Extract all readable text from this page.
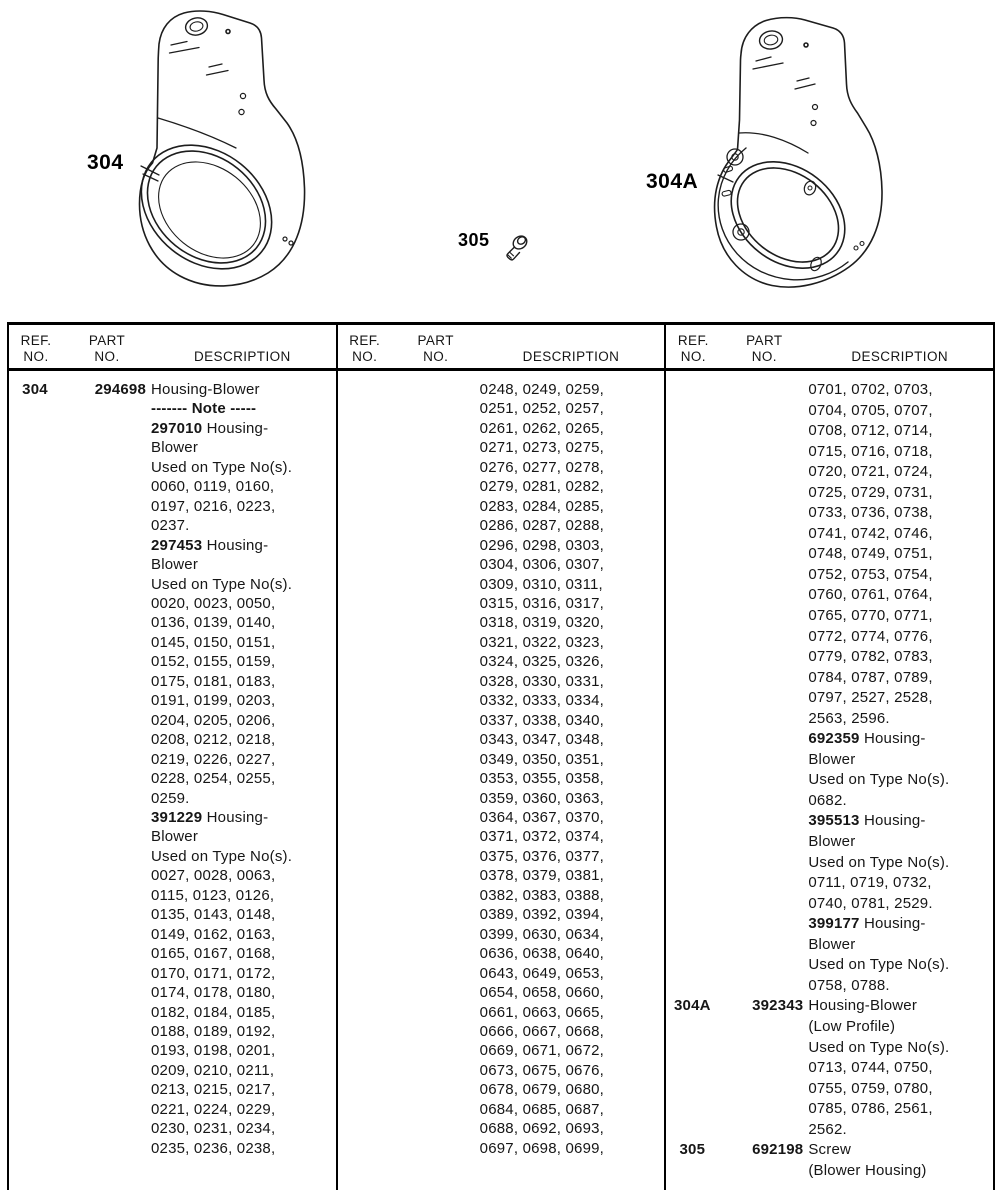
304
304A
305
REF.
NO.
PART
NO.	DESCRIPTION
304	294698 Housing-Blower
------- Note -----
297010 Housing-
Blower
Used on Type No(s).
0060, 0119, 0160,
0197, 0216, 0223,
0237.
297453 Housing-
Blower
Used on Type No(s).
0020, 0023, 0050,
0136, 0139, 0140,
0145, 0150, 0151,
0152, 0155, 0159,
0175, 0181, 0183,
0191, 0199, 0203,
0204, 0205, 0206,
0208, 0212, 0218,
0219, 0226, 0227,
0228, 0254, 0255,
0259.
391229 Housing-
Blower
Used on Type No(s).
0027, 0028, 0063,
0115, 0123, 0126,
0135, 0143, 0148,
0149, 0162, 0163,
0165, 0167, 0168,
0170, 0171, 0172,
0174, 0178, 0180,
0182, 0184, 0185,
0188, 0189, 0192,
0193, 0198, 0201,
0209, 0210, 0211,
0213, 0215, 0217,
0221, 0224, 0229,
0230, 0231, 0234,
0235, 0236, 0238,
REF.
NO.
PART
NO.	DESCRIPTION
0248, 0249, 0259,
0251, 0252, 0257,
0261, 0262, 0265,
0271, 0273, 0275,
0276, 0277, 0278,
0279, 0281, 0282,
0283, 0284, 0285,
0286, 0287, 0288,
0296, 0298, 0303,
0304, 0306, 0307,
0309, 0310, 0311,
0315, 0316, 0317,
0318, 0319, 0320,
0321, 0322, 0323,
0324, 0325, 0326,
0328, 0330, 0331,
0332, 0333, 0334,
0337, 0338, 0340,
0343, 0347, 0348,
0349, 0350, 0351,
0353, 0355, 0358,
0359, 0360, 0363,
0364, 0367, 0370,
0371, 0372, 0374,
0375, 0376, 0377,
0378, 0379, 0381,
0382, 0383, 0388,
0389, 0392, 0394,
0399, 0630, 0634,
0636, 0638, 0640,
0643, 0649, 0653,
0654, 0658, 0660,
0661, 0663, 0665,
0666, 0667, 0668,
0669, 0671, 0672,
0673, 0675, 0676,
0678, 0679, 0680,
0684, 0685, 0687,
0688, 0692, 0693,
0697, 0698, 0699,
REF.
NO.
PART
NO.	DESCRIPTION
0701, 0702, 0703,
0704, 0705, 0707,
0708, 0712, 0714,
0715, 0716, 0718,
0720, 0721, 0724,
0725, 0729, 0731,
0733, 0736, 0738,
0741, 0742, 0746,
0748, 0749, 0751,
0752, 0753, 0754,
0760, 0761, 0764,
0765, 0770, 0771,
0772, 0774, 0776,
0779, 0782, 0783,
0784, 0787, 0789,
0797, 2527, 2528,
2563, 2596.
692359 Housing-
Blower
Used on Type No(s).
0682.
395513 Housing-
Blower
Used on Type No(s).
0711, 0719, 0732,
0740, 0781, 2529.
399177 Housing-
Blower
Used on Type No(s).
0758, 0788.
304A	392343 Housing-Blower
(Low Profile)
Used on Type No(s).
0713, 0744, 0750,
0755, 0759, 0780,
0785, 0786, 2561,
2562.
305	692198 Screw
(Blower Housing)
